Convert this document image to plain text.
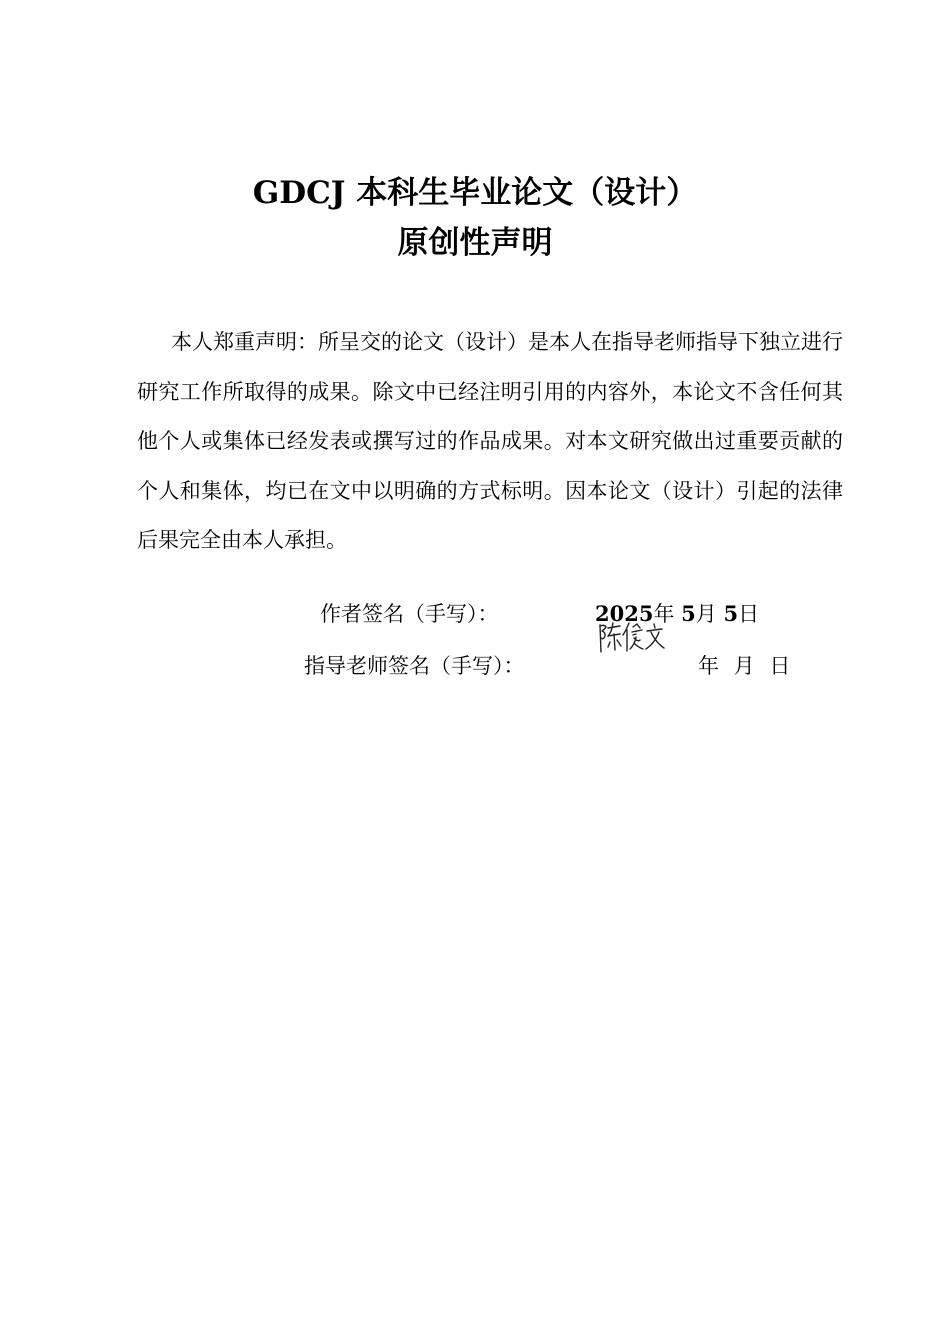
GDCJ 本科生毕业论文（设计）
原创性声明

本人郑重声明：所呈交的论文（设计）是本人在指导老师指导下独立进行研究工作所取得的成果。除文中已经注明引用的内容外，本论文不含任何其他个人或集体已经发表或撰写过的作品成果。对本文研究做出过重要贡献的个人和集体，均已在文中以明确的方式标明。因本论文（设计）引起的法律后果完全由本人承担。

作者签名（手写）：	2025年 5月 5日
指导老师签名（手写）：	年 月 日
